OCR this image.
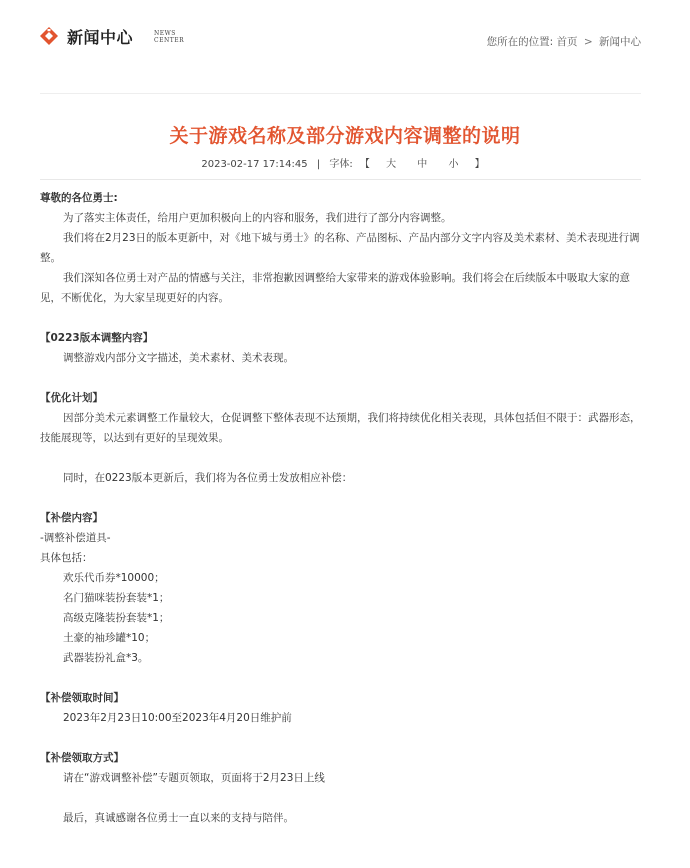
新闻中心	NEWS CENTER	您所在的位置: 首页 > 新闻中心
关于游戏名称及部分游戏内容调整的说明
2023-02-17 17:14:45 | 字体: 【 大 中 小 】

尊敬的各位勇士:

为了落实主体责任，给用户更加积极向上的内容和服务，我们进行了部分内容调整。

我们将在2月23日的版本更新中，对《地下城与勇士》的名称、产品图标、产品内部分文字内容及美术素材、美术表现进行调整。

我们深知各位勇士对产品的情感与关注，非常抱歉因调整给大家带来的游戏体验影响。我们将会在后续版本中吸取大家的意见，不断优化，为大家呈现更好的内容。

【0223版本调整内容】

调整游戏内部分文字描述，美术素材、美术表现。

【优化计划】

因部分美术元素调整工作量较大，仓促调整下整体表现不达预期，我们将持续优化相关表现，具体包括但不限于：武器形态，技能展现等，以达到有更好的呈现效果。

同时，在0223版本更新后，我们将为各位勇士发放相应补偿：

【补偿内容】

-调整补偿道具-

具体包括：

欢乐代币券*10000；

名门猫咪装扮套装*1；

高级克隆装扮套装*1；

土豪的袖珍罐*10；

武器装扮礼盒*3。

【补偿领取时间】

2023年2月23日10:00至2023年4月20日维护前

【补偿领取方式】

请在“游戏调整补偿”专题页领取，页面将于2月23日上线

最后，真诚感谢各位勇士一直以来的支持与陪伴。
